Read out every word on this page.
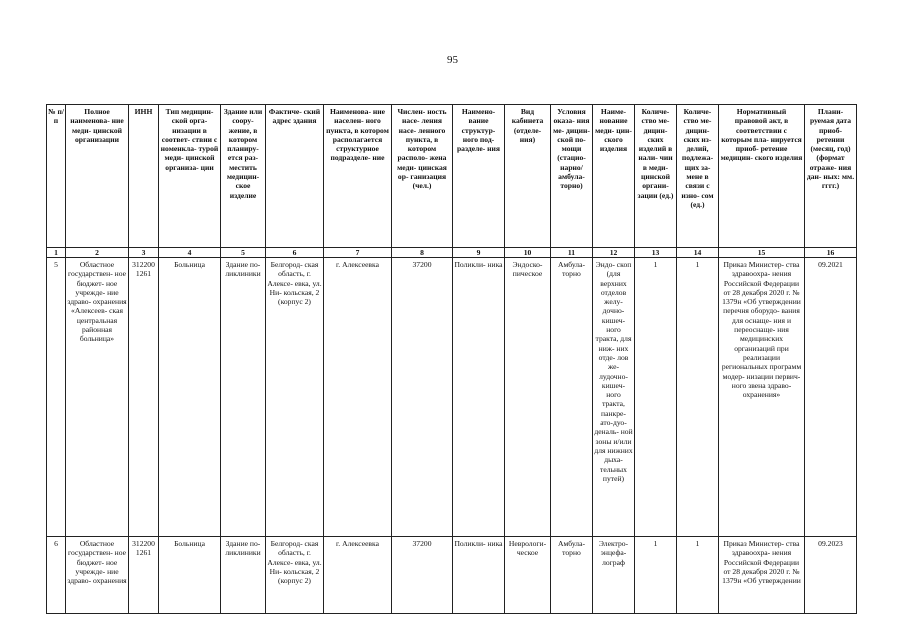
95
№ п/п	Полное наименова- ние меди- цинской организации	ИНН	Тип медицин- ской орга- низации в соответ- ствии с номенкла- турой меди- цинской организа- ции	Здание или соору- жение, в котором планиру- ется раз- местить медицин- ское изделие	Фактиче- ский адрес здания	Наименова- ние населен- ного пункта, в котором располагается структурное подразделе- ние	Числен- ность насе- ления насе- ленного пункта, в котором располо- жена меди- цинская ор- ганизация (чел.)	Наимено- вание структур- ного под- разделе- ния	Вид кабинета (отделе- ния)	Условия оказа- ния ме- дицин- ской по- мощи (стацио- нарно/ амбула- торно)	Наиме- нование меди- цин- ского изделия	Количе- ство ме- дицин- ских изделий в нали- чии в меди- цинской органи- зации (ед.)	Количе- ство ме- дицин- ских из- делий, подлежа- щих за- мене в связи с изно- сом (ед.)	Нормативный правовой акт, в соответствии с которым пла- нируется приоб- ретение медицин- ского изделия	Плани- руемая дата приоб- ретении (месяц, год) (формат отраже- ния дан- ных: мм. гггг.)
1	2	3	4	5	6	7	8	9	10	11	12	13	14	15	16
5	Областное государствен- ное бюджет- ное учрежде- ние здраво- охранения «Алексеев- ская центральная районная больница»	312200 1261	Больница	Здание по- ликлиники	Белгород- ская область, г. Алексе- евка, ул. Ни- кольская, 2 (корпус 2)	г. Алексеевка	37200	Поликли- ника	Эндоско- пическое	Амбула- торно	Эндо- скоп (для верхних отделов желу- дочно- кишеч- ного тракта, для ниж- них отде- лов же- лудочно- кишеч- ного тракта, панкре- ато-дуо- деналь- ной зоны и/или для нижних дыха- тельных путей)	1	1	Приказ Министер- ства здравоохра- нения Российской Федерации от 28 декабря 2020 г. № 1379н «Об утверждении перечня оборудо- вания для оснаще- ния и переоснаще- ния медицинских организаций при реализации региональных программ модер- низации первич- ного звена здраво- охранения»	09.2021
6	Областное государствен- ное бюджет- ное учрежде- ние здраво- охранения	312200 1261	Больница	Здание по- ликлиники	Белгород- ская область, г. Алексе- евка, ул. Ни- кольская, 2 (корпус 2)	г. Алексеевка	37200	Поликли- ника	Неврологи- ческое	Амбула- торно	Электро- энцефа- лограф	1	1	Приказ Министер- ства здравоохра- нения Российской Федерации от 28 декабря 2020 г. № 1379н «Об утверждении	09.2023
